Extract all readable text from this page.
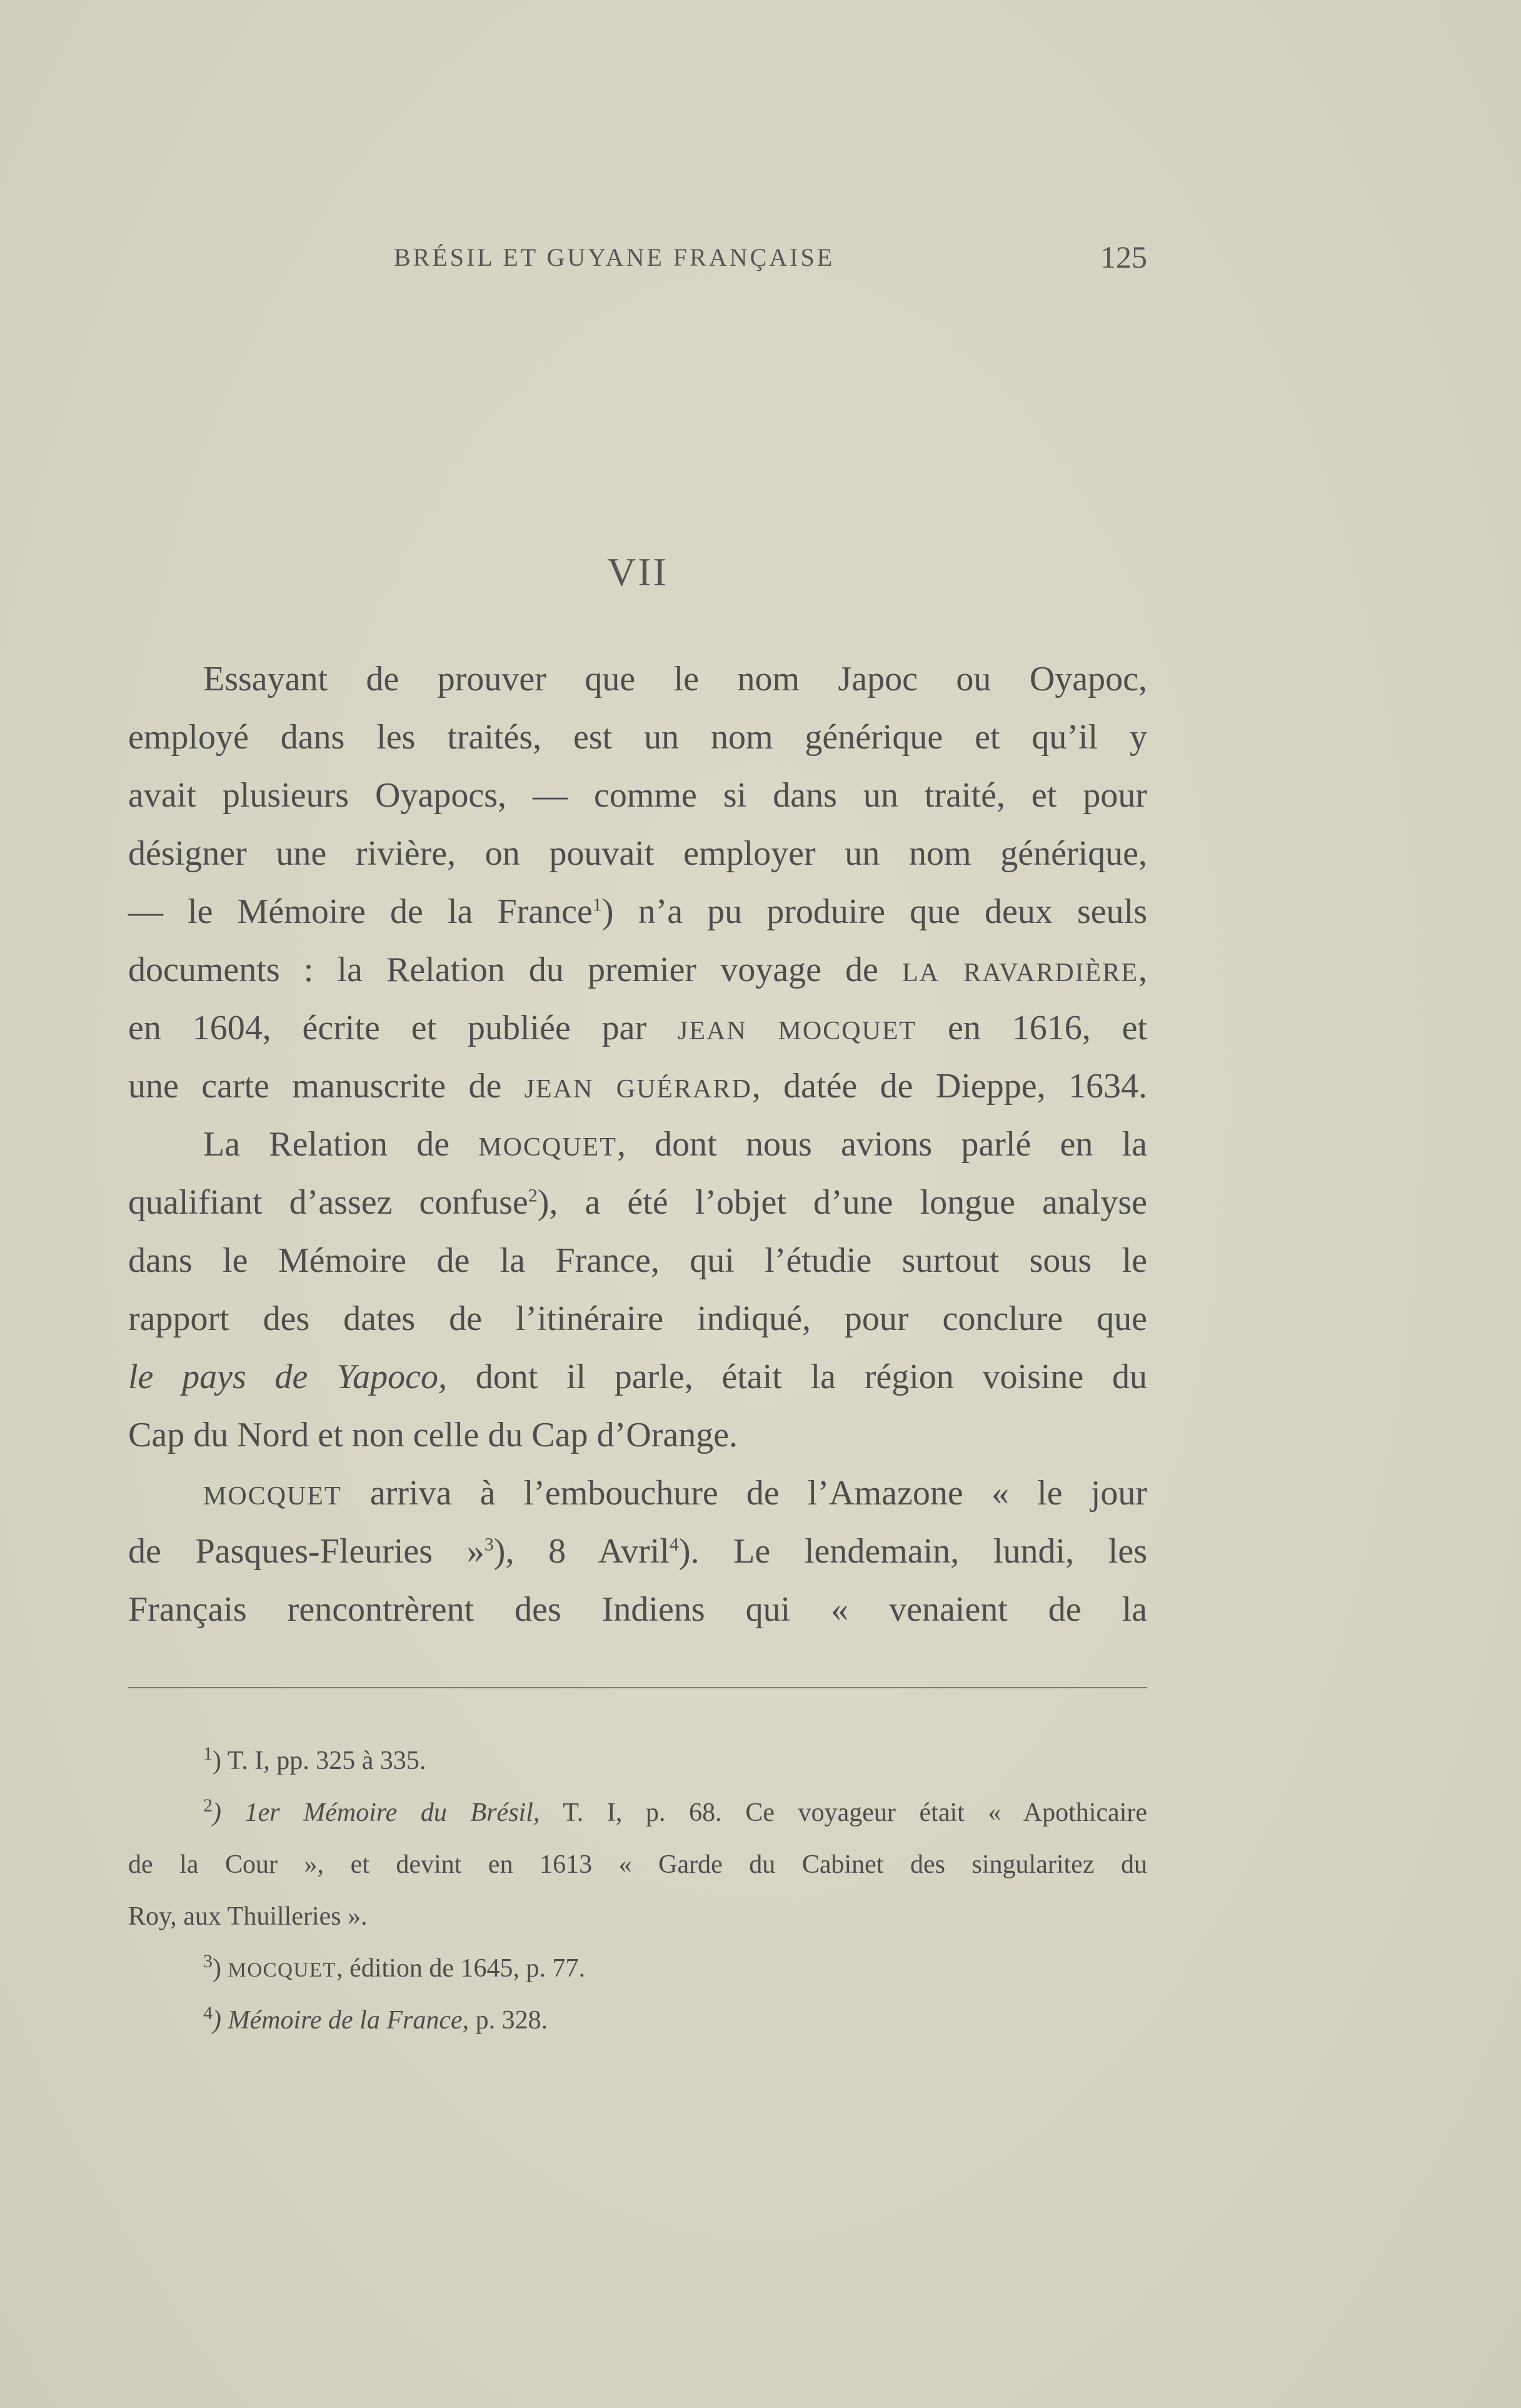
BRÉSIL ET GUYANE FRANÇAISE	125
VII
Essayant de prouver que le nom Japoc ou Oyapoc,
employé dans les traités, est un nom générique et qu’il y
avait plusieurs Oyapocs, — comme si dans un traité, et pour
désigner une rivière, on pouvait employer un nom générique,
— le Mémoire de la France$^1$) n’a pu produire que deux seuls
documents : la Relation du premier voyage de LA RAVARDIÈRE,
en 1604, écrite et publiée par JEAN MOCQUET en 1616, et
une carte manuscrite de JEAN GUÉRARD, datée de Dieppe, 1634.
La Relation de MOCQUET, dont nous avions parlé en la
qualifiant d’assez confuse$^2$), a été l’objet d’une longue analyse
dans le Mémoire de la France, qui l’étudie surtout sous le
rapport des dates de l’itinéraire indiqué, pour conclure que
le pays de Yapoco, dont il parle, était la région voisine du
Cap du Nord et non celle du Cap d’Orange.
MOCQUET arriva à l’embouchure de l’Amazone « le jour
de Pasques-Fleuries »$^3$), 8 Avril$^4$). Le lendemain, lundi, les
Français rencontrèrent des Indiens qui « venaient de la
$^1$) T. I, pp. 325 à 335.
$^2$) 1er Mémoire du Brésil, T. I, p. 68. Ce voyageur était « Apothicaire
de la Cour », et devint en 1613 « Garde du Cabinet des singularitez du
Roy, aux Thuilleries ».
$^3$) MOCQUET, édition de 1645, p. 77.
$^4$) Mémoire de la France, p. 328.
